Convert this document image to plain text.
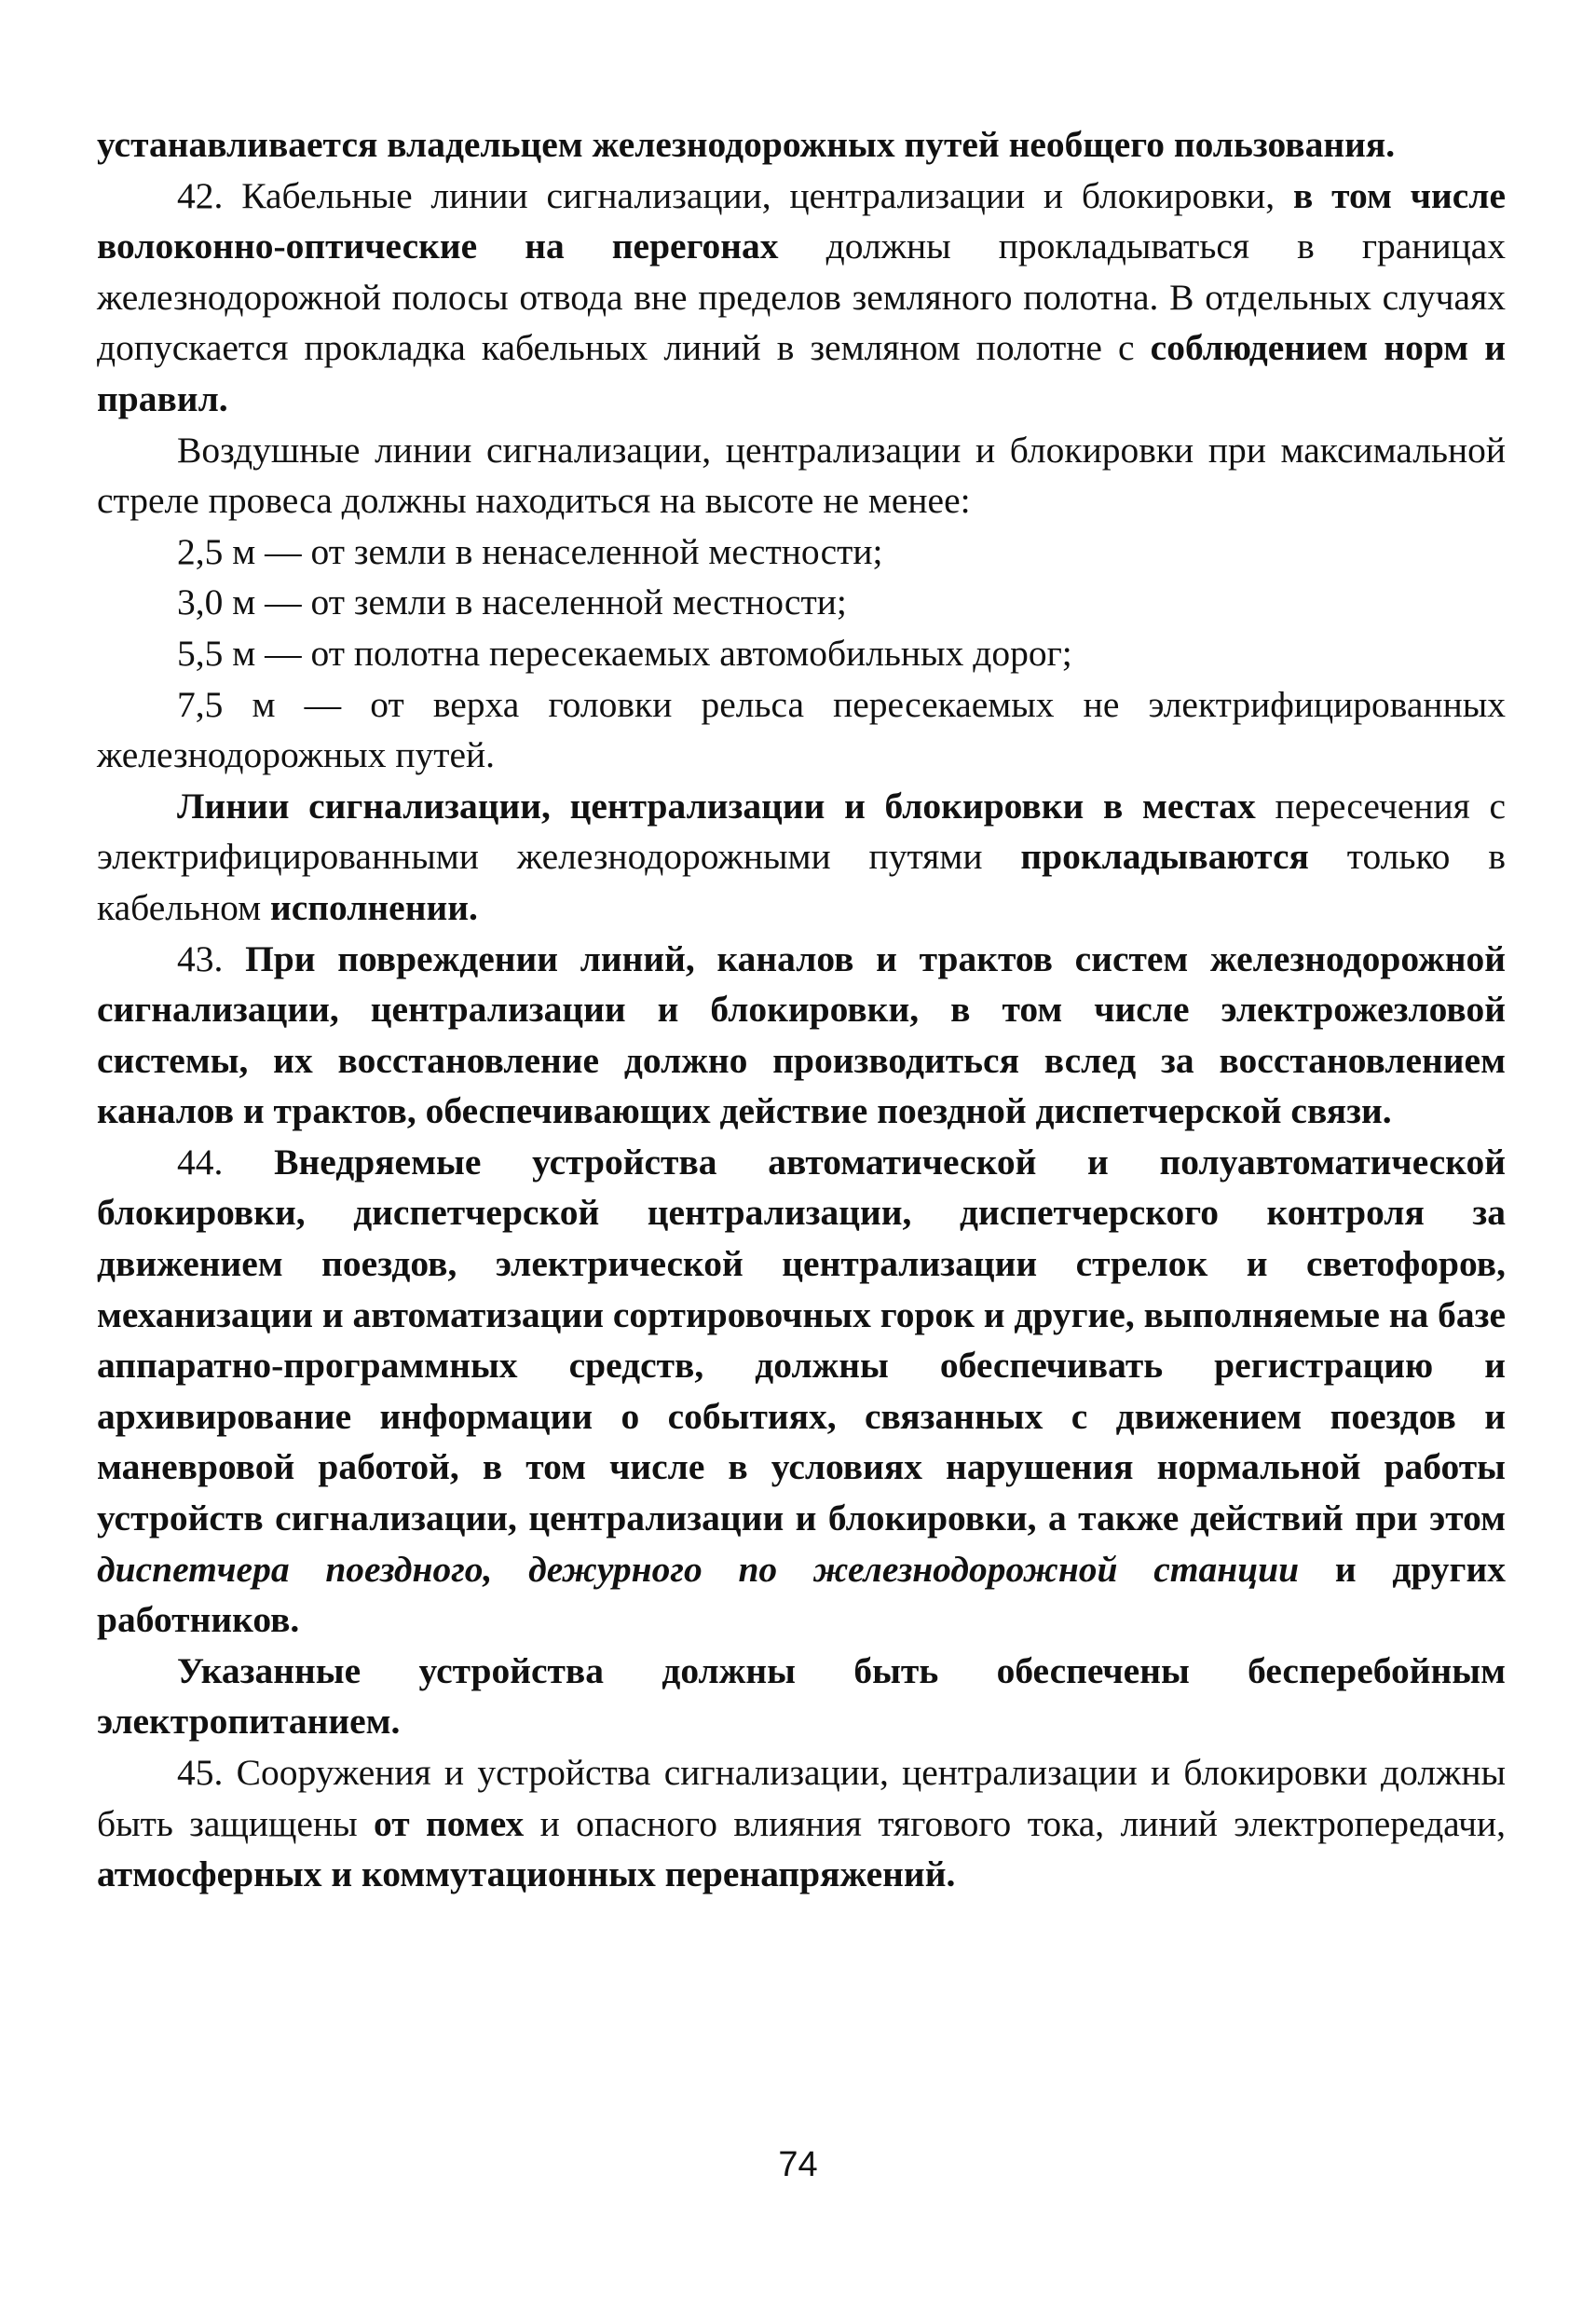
устанавливается владельцем железнодорожных путей необщего пользования.

42. Кабельные линии сигнализации, централизации и блокировки, в том числе волоконно-оптические на перегонах должны прокладываться в границах железнодорожной полосы отвода вне пределов земляного полотна. В отдельных случаях допускается прокладка кабельных линий в земляном полотне с соблюдением норм и правил.

Воздушные линии сигнализации, централизации и блокировки при максимальной стреле провеса должны находиться на высоте не менее:

2,5 м — от земли в ненаселенной местности;

3,0 м — от земли в населенной местности;

5,5 м — от полотна пересекаемых автомобильных дорог;

7,5 м — от верха головки рельса пересекаемых не электрифицированных железнодорожных путей.

Линии сигнализации, централизации и блокировки в местах пересечения с электрифицированными железнодорожными путями прокладываются только в кабельном исполнении.

43. При повреждении линий, каналов и трактов систем железнодорожной сигнализации, централизации и блокировки, в том числе электрожезловой системы, их восстановление должно производиться вслед за восстановлением каналов и трактов, обеспечивающих действие поездной диспетчерской связи.

44. Внедряемые устройства автоматической и полуавтоматической блокировки, диспетчерской централизации, диспетчерского контроля за движением поездов, электрической централизации стрелок и светофоров, механизации и автоматизации сортировочных горок и другие, выполняемые на базе аппаратно-программных средств, должны обеспечивать регистрацию и архивирование информации о событиях, связанных с движением поездов и маневровой работой, в том числе в условиях нарушения нормальной работы устройств сигнализации, централизации и блокировки, а также действий при этом диспетчера поездного, дежурного по железнодорожной станции и других работников.

Указанные устройства должны быть обеспечены бесперебойным электропитанием.

45. Сооружения и устройства сигнализации, централизации и блокировки должны быть защищены от помех и опасного влияния тягового тока, линий электропередачи, атмосферных и коммутационных перенапряжений.

74
